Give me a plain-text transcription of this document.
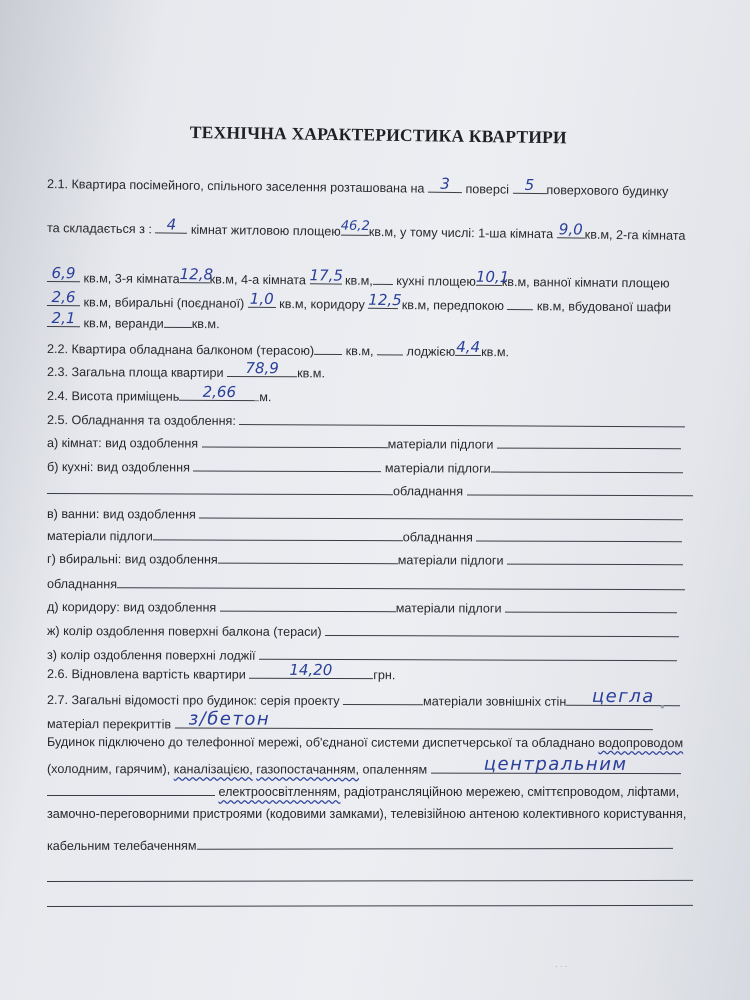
ТЕХНІЧНА ХАРАКТЕРИСТИКА КВАРТИРИ
2.1. Квартира посімейного, спільного заселення розташована на	3	поверсі	5 поверхового будинку
та складається з : 4	кімнат житловою площею 46,2
кв.м, у тому числі: 1-ша кімната 9,0 кв.м, 2-га кімната
6,9 кв.м, 3-я кімната 12,8
кв.м, 4-а кімната 17,5 кв.м, кухні площею 10,1
кв.м, ванної кімнати площею
2,6 кв.м, вбиральні (поєднаної) 1,0 кв.м, коридору 12,5 кв.м, передпокою	кв.м, вбудованої шафи
2,1 кв.м, веранди кв.м.
2.2. Квартира обладнана балконом (терасою) кв.м,	лоджією 4,4 кв.м.
2.3. Загальна площа квартири	78,9	кв.м.
2.4. Висота приміщень	2,66	м.
2.5. Обладнання та оздоблення:
а) кімнат: вид оздоблення	матеріали підлоги
б) кухні: вид оздоблення	матеріали підлоги
обладнання
в) ванни: вид оздоблення
матеріали підлоги	обладнання
г) вбиральні: вид оздоблення	матеріали підлоги
обладнання
д) коридору: вид оздоблення	матеріали підлоги
ж) колір оздоблення поверхні балкона (тераси)
з) колір оздоблення поверхні лоджії
2.6. Відновлена вартість квартири	14,20	грн.
2.7. Загальні відомості про будинок: серія проекту	матеріали зовнішніх стін	цегла
матеріал перекриттів з/бетон
Будинок підключено до телефонної мережі, об'єднаної системи диспетчерської та обладнано водопроводом
(холодним, гарячим), каналізацією, газопостачанням, опаленням	центральним
електроосвітленням, радіотрансляційною мережею, сміттєпроводом, ліфтами,
замочно-переговорними пристроями (кодовими замками), телевізійною антеною колективного користування,
кабельним телебаченням
●
· · ·
